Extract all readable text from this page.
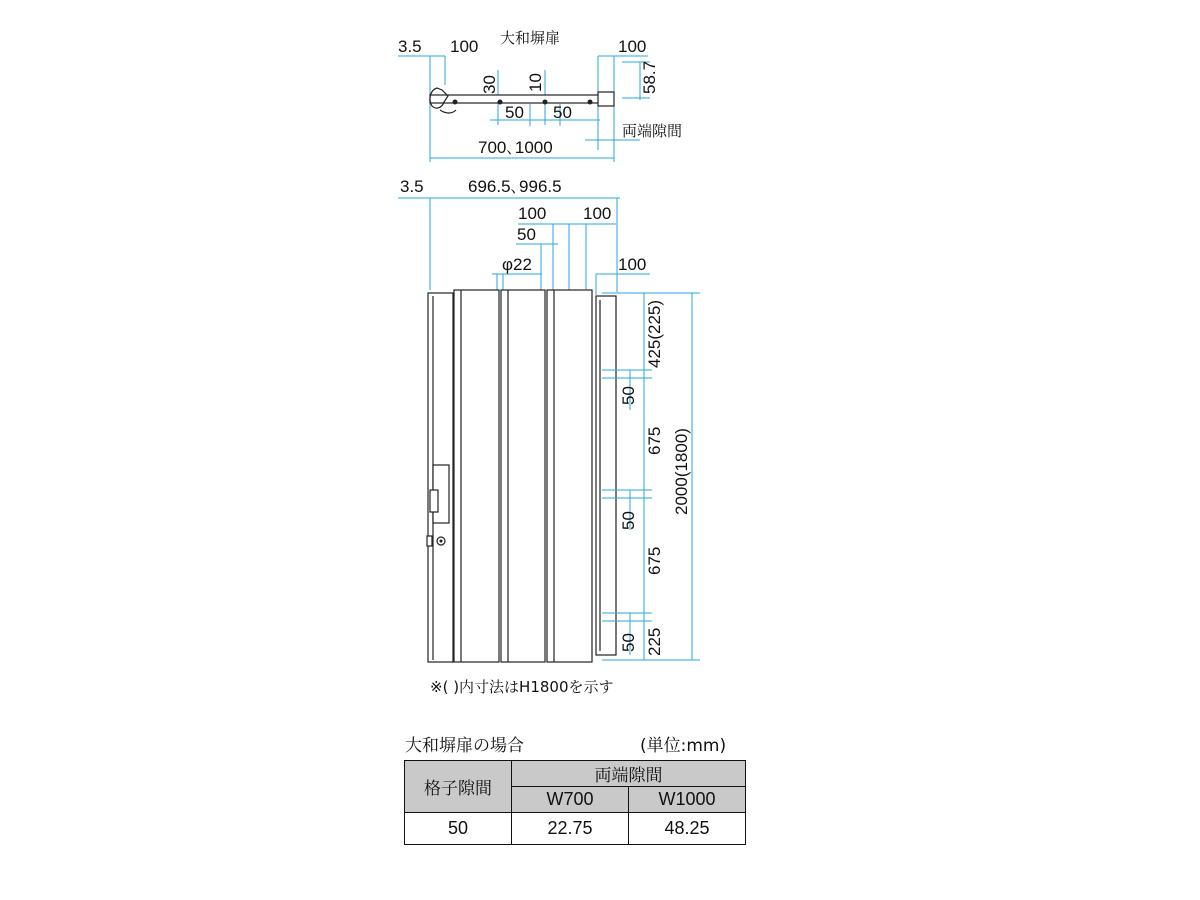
大和塀扉
3.5 100	100
58.7
30 10
50 50
両端隙間
700､1000
3.5	696.5､996.5
100 100
50
φ22	100
2000(1800)
425(225)
50
675
50
675
50 225
※( )内寸法はH1800を示す
大和塀扉の場合	(単位:mm)
格子隙間	両端隙間	
	W700	W1000
50	22.75	48.25
